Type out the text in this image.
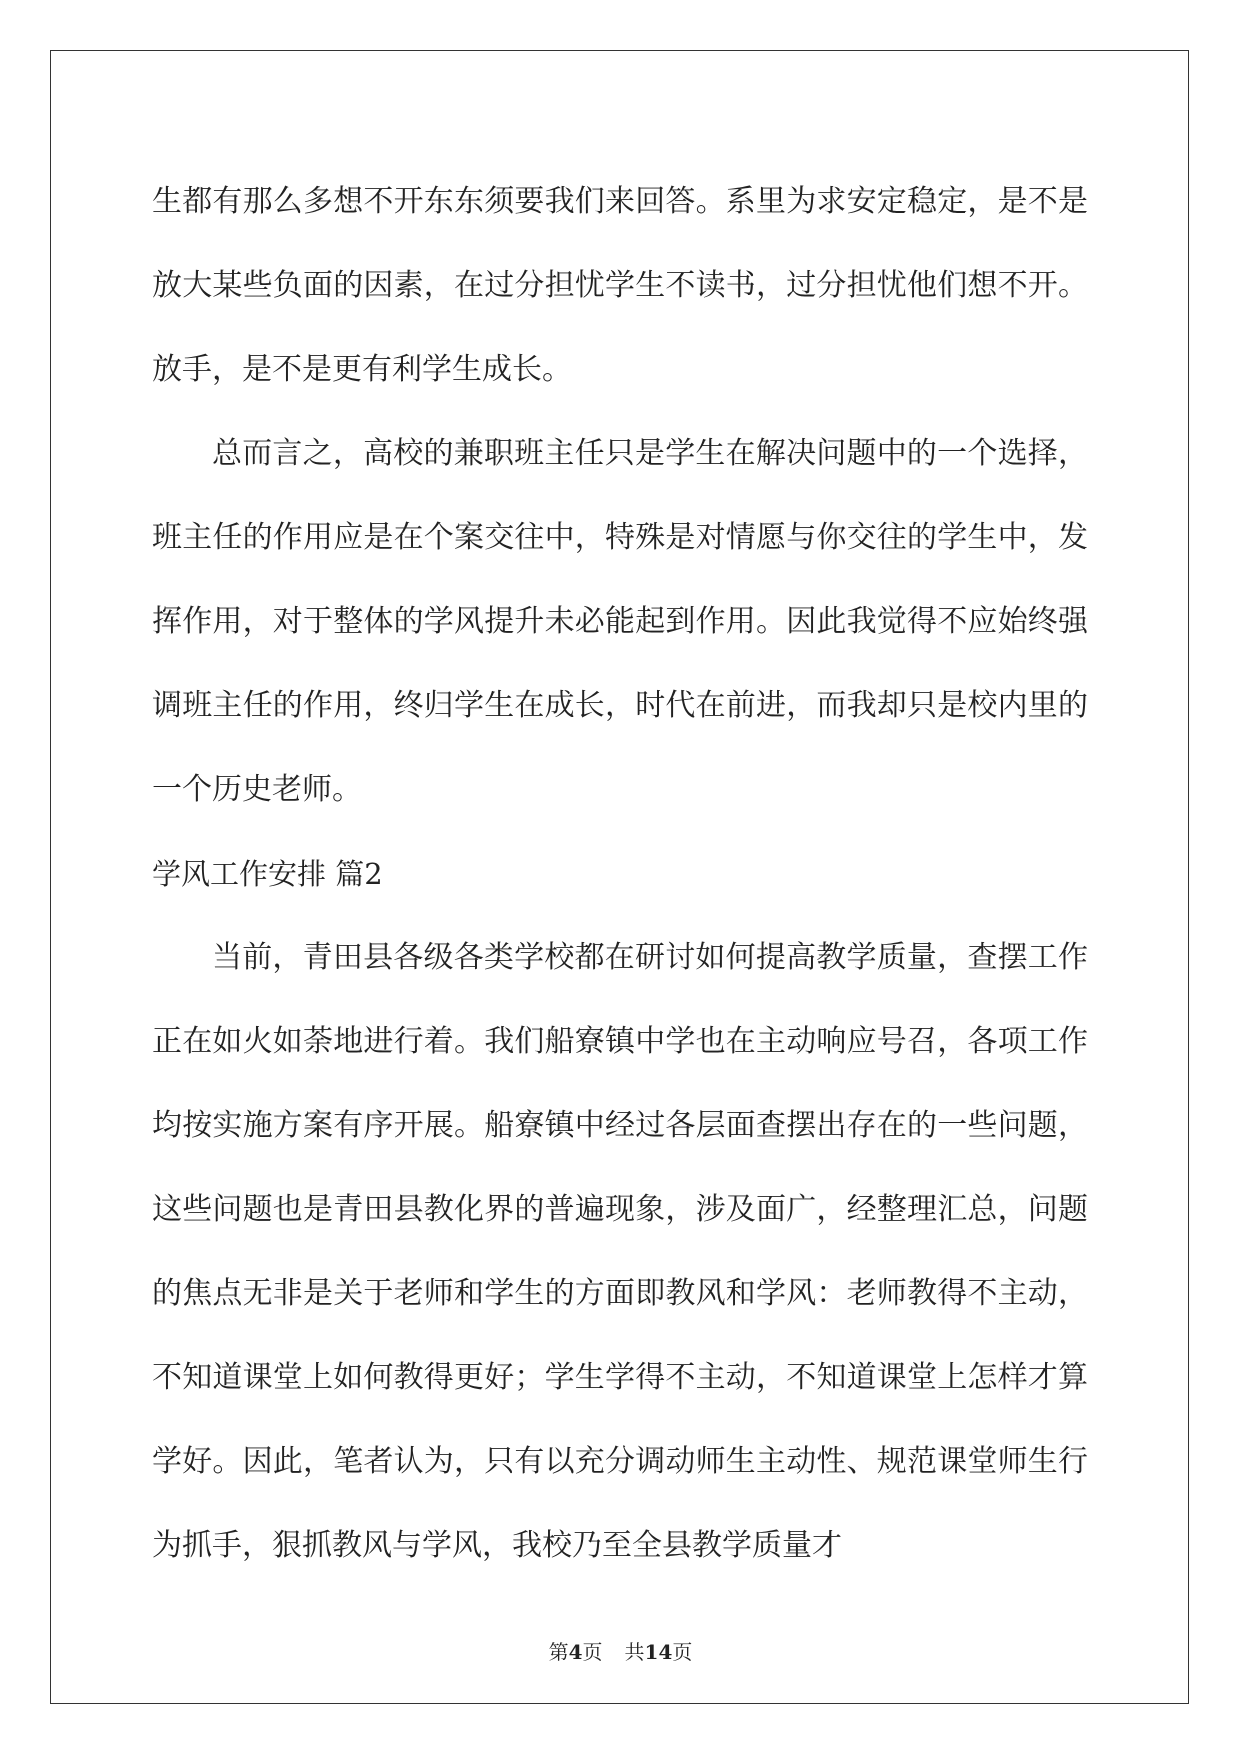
生都有那么多想不开东东须要我们来回答。系里为求安定稳定，是不是放大某些负面的因素，在过分担忧学生不读书，过分担忧他们想不开。放手，是不是更有利学生成长。

总而言之，高校的兼职班主任只是学生在解决问题中的一个选择，班主任的作用应是在个案交往中，特殊是对情愿与你交往的学生中，发挥作用，对于整体的学风提升未必能起到作用。因此我觉得不应始终强调班主任的作用，终归学生在成长，时代在前进，而我却只是校内里的一个历史老师。

学风工作安排 篇2

当前，青田县各级各类学校都在研讨如何提高教学质量，查摆工作正在如火如荼地进行着。我们船寮镇中学也在主动响应号召，各项工作均按实施方案有序开展。船寮镇中经过各层面查摆出存在的一些问题，这些问题也是青田县教化界的普遍现象，涉及面广，经整理汇总，问题的焦点无非是关于老师和学生的方面即教风和学风：老师教得不主动，不知道课堂上如何教得更好；学生学得不主动，不知道课堂上怎样才算学好。因此，笔者认为，只有以充分调动师生主动性、规范课堂师生行为抓手，狠抓教风与学风，我校乃至全县教学质量才

第4页 共14页
